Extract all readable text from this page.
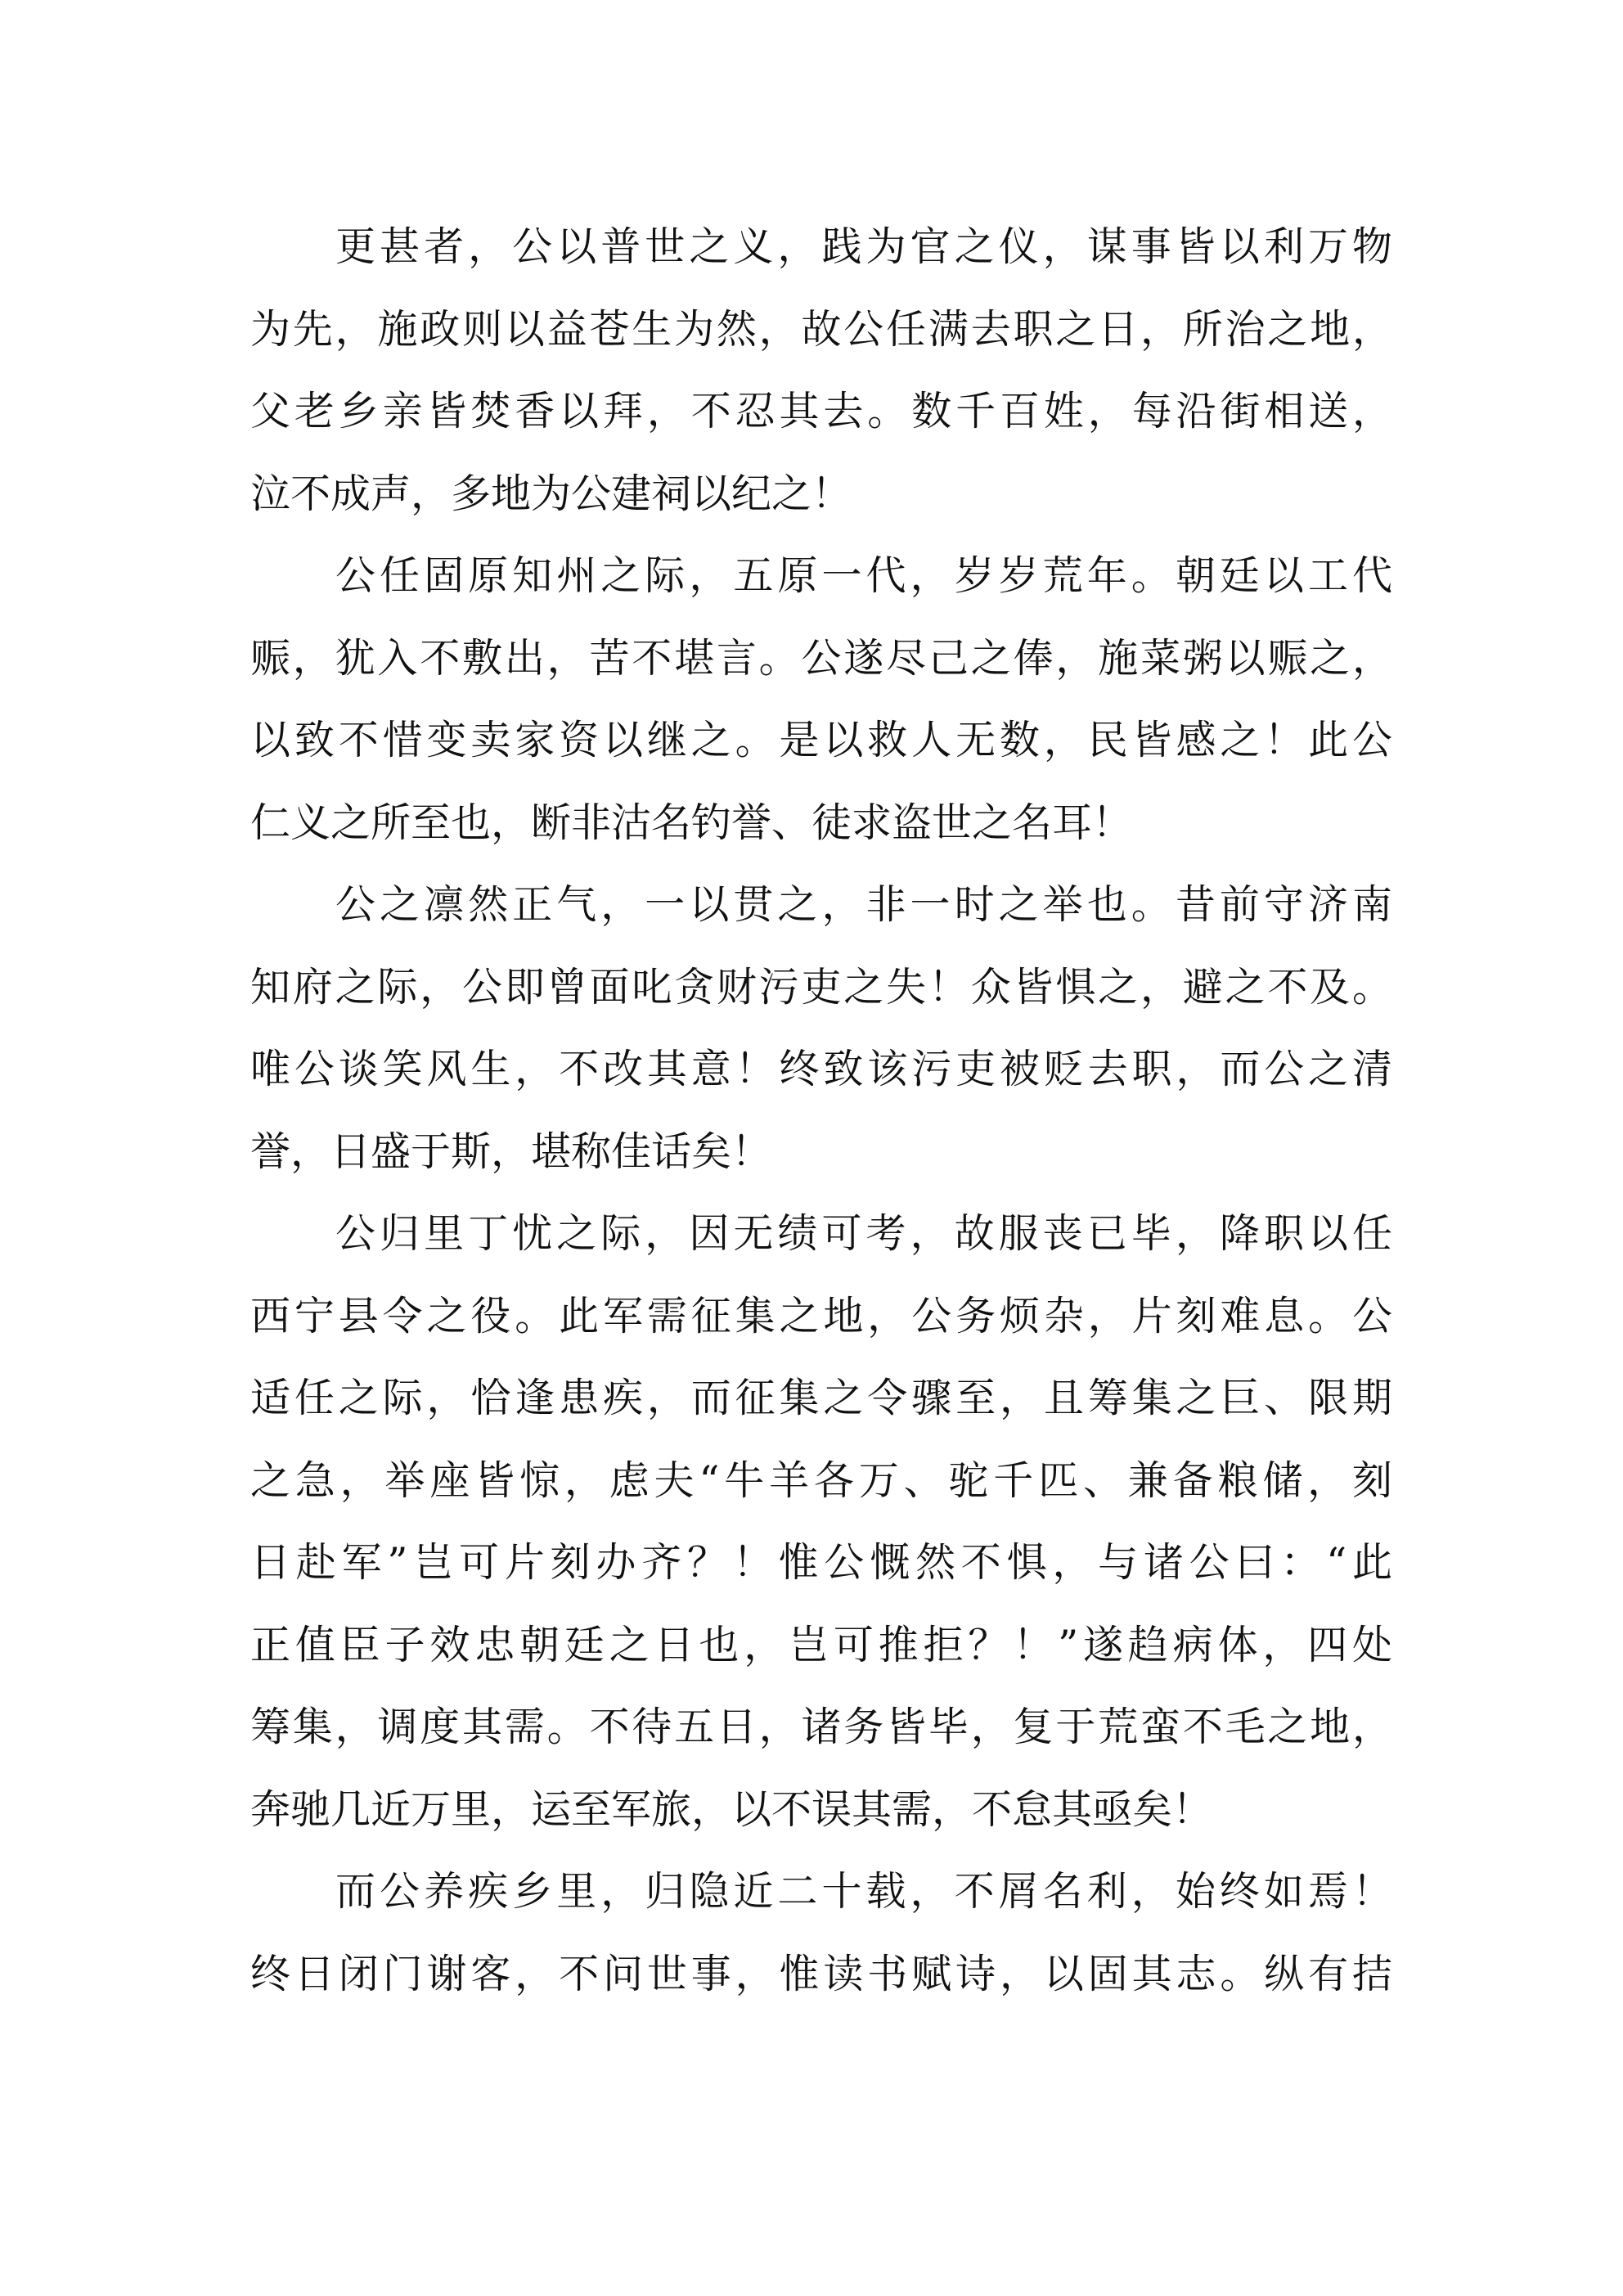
更甚者，公以普世之义，践为官之仪，谋事皆以利万物
为先，施政则以益苍生为然，故公任满去职之日，所治之地，
父老乡亲皆焚香以拜，不忍其去。数千百姓，每沿街相送，
泣不成声，多地为公建祠以纪之！
公任固原知州之际，五原一代，岁岁荒年。朝廷以工代
赈，犹入不敷出，苦不堪言。公遂尽己之俸，施菜粥以赈之，
以致不惜变卖家资以继之。是以救人无数，民皆感之！此公
仁义之所至也，断非沽名钓誉、徒求盗世之名耳！
公之凛然正气，一以贯之，非一时之举也。昔前守济南
知府之际，公即曾面叱贪财污吏之失！众皆惧之，避之不及。
唯公谈笑风生，不改其意！终致该污吏被贬去职，而公之清
誉，日盛于斯，堪称佳话矣！
公归里丁忧之际，因无绩可考，故服丧已毕，降职以任
西宁县令之役。此军需征集之地，公务烦杂，片刻难息。公
适任之际，恰逢患疾，而征集之令骤至，且筹集之巨、限期
之急，举座皆惊，虑夫“牛羊各万、驼千匹、兼备粮储，刻
日赴军”岂可片刻办齐？！惟公慨然不惧，与诸公曰：“此
正值臣子效忠朝廷之日也，岂可推拒？！”遂趋病体，四处
筹集，调度其需。不待五日，诸务皆毕，复于荒蛮不毛之地，
奔驰几近万里，运至军旅，以不误其需，不怠其亟矣！
而公养疾乡里，归隐近二十载，不屑名利，始终如焉！
终日闭门谢客，不问世事，惟读书赋诗，以固其志。纵有拮
